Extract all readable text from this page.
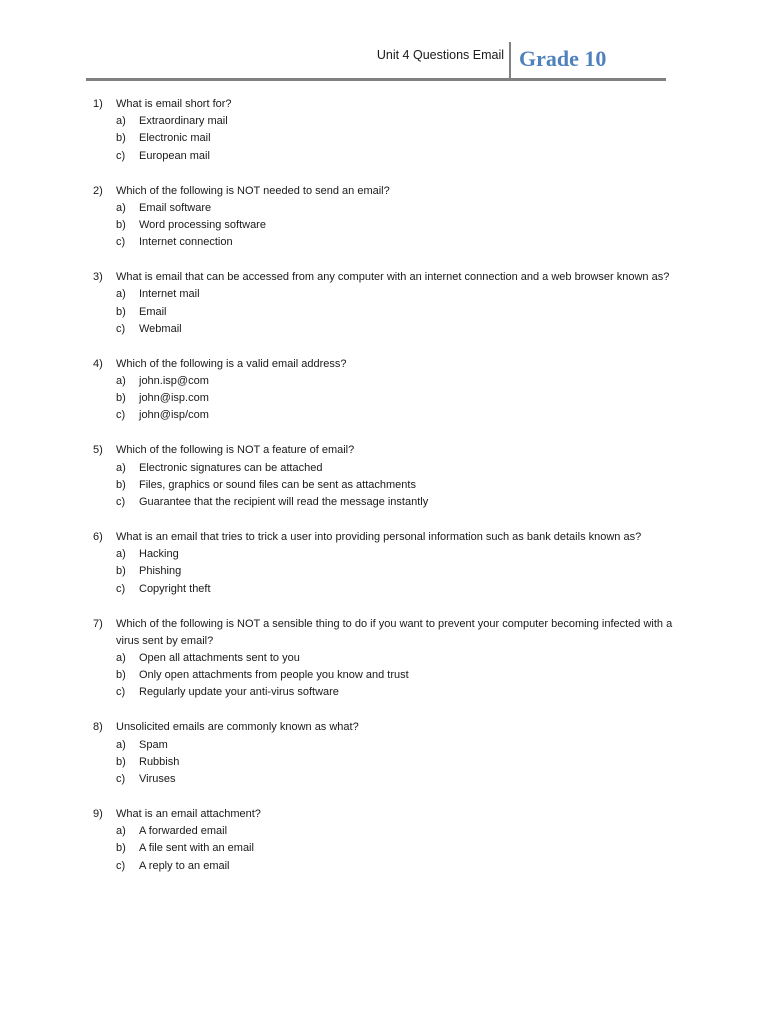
Unit 4 Questions Email Grade 10
1)	What is email short for?
a)	Extraordinary mail
b)	Electronic mail
c)	European mail
2)	Which of the following is NOT needed to send an email?
a)	Email software
b)	Word processing software
c)	Internet connection
3)	What is email that can be accessed from any computer with an internet connection and a web browser known as?
a)	Internet mail
b)	Email
c)	Webmail
4)	Which of the following is a valid email address?
a)	john.isp@com
b)	john@isp.com
c)	john@isp/com
5)	Which of the following is NOT a feature of email?
a)	Electronic signatures can be attached
b)	Files, graphics or sound files can be sent as attachments
c)	Guarantee that the recipient will read the message instantly
6)	What is an email that tries to trick a user into providing personal information such as bank details known as?
a)	Hacking
b)	Phishing
c)	Copyright theft
7)	Which of the following is NOT a sensible thing to do if you want to prevent your computer becoming infected with a virus sent by email?
a)	Open all attachments sent to you
b)	Only open attachments from people you know and trust
c)	Regularly update your anti-virus software
8)	Unsolicited emails are commonly known as what?
a)	Spam
b)	Rubbish
c)	Viruses
9)	What is an email attachment?
a)	A forwarded email
b)	A file sent with an email
c)	A reply to an email
